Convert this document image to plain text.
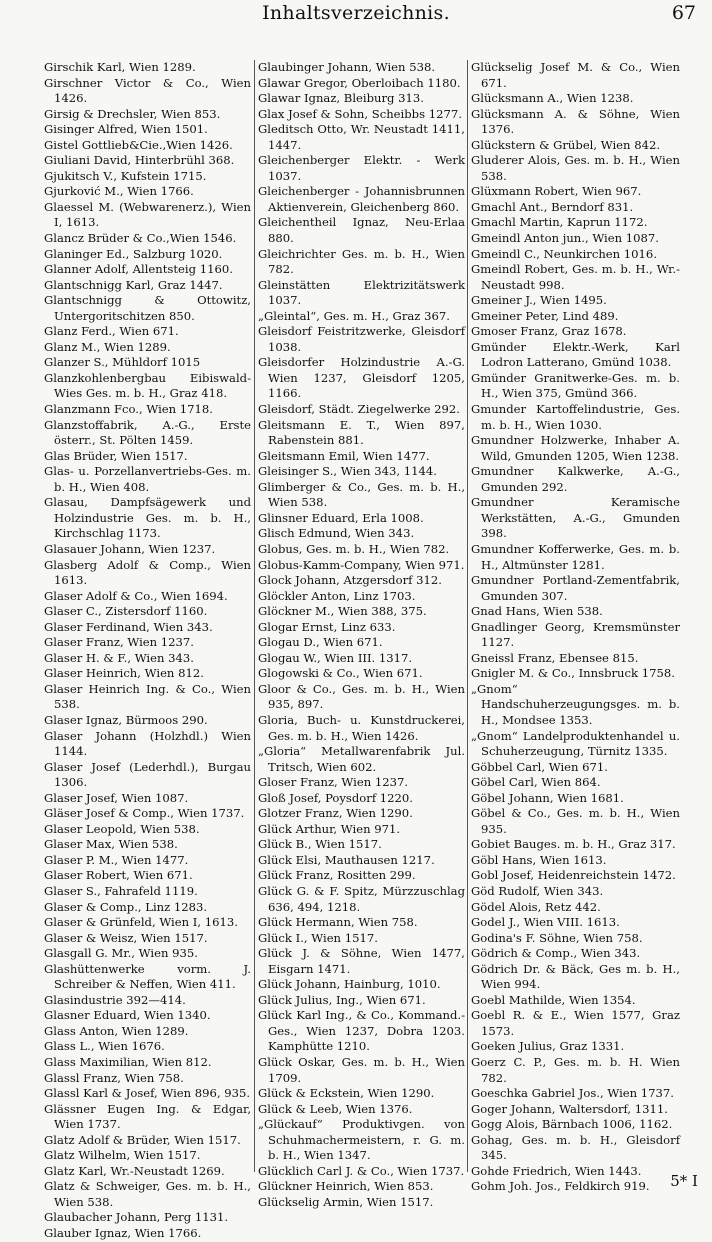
Inhaltsverzeichnis.	67
Girschik Karl, Wien 1289.
Girschner Victor & Co., Wien 1426.
Girsig & Drechsler, Wien 853.
Gisinger Alfred, Wien 1501.
Gistel Gottlieb&Cie.,Wien 1426.
Giuliani David, Hinterbrühl 368.
Gjukitsch V., Kufstein 1715.
Gjurković M., Wien 1766.
Glaessel M. (Webwarenerz.), Wien I, 1613.
Glancz Brüder & Co.,Wien 1546.
Glaninger Ed., Salzburg 1020.
Glanner Adolf, Allentsteig 1160.
Glantschnigg Karl, Graz 1447.
Glantschnigg & Ottowitz, Untergoritschitzen 850.
Glanz Ferd., Wien 671.
Glanz M., Wien 1289.
Glanzer S., Mühldorf 1015
Glanzkohlenbergbau Eibiswald-Wies Ges. m. b. H., Graz 418.
Glanzmann Fco., Wien 1718.
Glanzstoffabrik, A.-G., Erste österr., St. Pölten 1459.
Glas Brüder, Wien 1517.
Glas- u. Porzellanvertriebs-Ges. m. b. H., Wien 408.
Glasau, Dampfsägewerk und Holzindustrie Ges. m. b. H., Kirchschlag 1173.
Glasauer Johann, Wien 1237.
Glasberg Adolf & Comp., Wien 1613.
Glaser Adolf & Co., Wien 1694.
Glaser C., Zistersdorf 1160.
Glaser Ferdinand, Wien 343.
Glaser Franz, Wien 1237.
Glaser H. & F., Wien 343.
Glaser Heinrich, Wien 812.
Glaser Heinrich Ing. & Co., Wien 538.
Glaser Ignaz, Bürmoos 290.
Glaser Johann (Holzhdl.) Wien 1144.
Glaser Josef (Lederhdl.), Burgau 1306.
Glaser Josef, Wien 1087.
Gläser Josef & Comp., Wien 1737.
Glaser Leopold, Wien 538.
Glaser Max, Wien 538.
Glaser P. M., Wien 1477.
Glaser Robert, Wien 671.
Glaser S., Fahrafeld 1119.
Glaser & Comp., Linz 1283.
Glaser & Grünfeld, Wien I, 1613.
Glaser & Weisz, Wien 1517.
Glasgall G. Mr., Wien 935.
Glashüttenwerke vorm. J. Schreiber & Neffen, Wien 411.
Glasindustrie 392—414.
Glasner Eduard, Wien 1340.
Glass Anton, Wien 1289.
Glass L., Wien 1676.
Glass Maximilian, Wien 812.
Glassl Franz, Wien 758.
Glassl Karl & Josef, Wien 896, 935.
Glässner Eugen Ing. & Edgar, Wien 1737.
Glatz Adolf & Brüder, Wien 1517.
Glatz Wilhelm, Wien 1517.
Glatz Karl, Wr.-Neustadt 1269.
Glatz & Schweiger, Ges. m. b. H., Wien 538.
Glaubacher Johann, Perg 1131.
Glauber Ignaz, Wien 1766.
Glaubinger Johann, Wien 538.
Glawar Gregor, Oberloibach 1180.
Glawar Ignaz, Bleiburg 313.
Glax Josef & Sohn, Scheibbs 1277.
Gleditsch Otto, Wr. Neustadt 1411, 1447.
Gleichenberger Elektr. - Werk 1037.
Gleichenberger - Johannisbrunnen Aktienverein, Gleichenberg 860.
Gleichentheil Ignaz, Neu-Erlaa 880.
Gleichrichter Ges. m. b. H., Wien 782.
Gleinstätten Elektrizitätswerk 1037.
„Gleintal“, Ges. m. H., Graz 367.
Gleisdorf Feistritzwerke, Gleisdorf 1038.
Gleisdorfer Holzindustrie A.-G. Wien 1237, Gleisdorf 1205, 1166.
Gleisdorf, Städt. Ziegelwerke 292.
Gleitsmann E. T., Wien 897, Rabenstein 881.
Gleitsmann Emil, Wien 1477.
Gleisinger S., Wien 343, 1144.
Glimberger & Co., Ges. m. b. H., Wien 538.
Glinsner Eduard, Erla 1008.
Glisch Edmund, Wien 343.
Globus, Ges. m. b. H., Wien 782.
Globus-Kamm-Company, Wien 971.
Glock Johann, Atzgersdorf 312.
Glöckler Anton, Linz 1703.
Glöckner M., Wien 388, 375.
Glogar Ernst, Linz 633.
Glogau D., Wien 671.
Glogau W., Wien III. 1317.
Glogowski & Co., Wien 671.
Gloor & Co., Ges. m. b. H., Wien 935, 897.
Gloria, Buch- u. Kunstdruckerei, Ges. m. b. H., Wien 1426.
„Gloria“ Metallwarenfabrik Jul. Tritsch, Wien 602.
Gloser Franz, Wien 1237.
Gloß Josef, Poysdorf 1220.
Glotzer Franz, Wien 1290.
Glück Arthur, Wien 971.
Glück B., Wien 1517.
Glück Elsi, Mauthausen 1217.
Glück Franz, Rositten 299.
Glück G. & F. Spitz, Mürzzuschlag 636, 494, 1218.
Glück Hermann, Wien 758.
Glück I., Wien 1517.
Glück J. & Söhne, Wien 1477, Eisgarn 1471.
Glück Johann, Hainburg, 1010.
Glück Julius, Ing., Wien 671.
Glück Karl Ing., & Co., Kommand.-Ges., Wien 1237, Dobra 1203. Kamphütte 1210.
Glück Oskar, Ges. m. b. H., Wien 1709.
Glück & Eckstein, Wien 1290.
Glück & Leeb, Wien 1376.
„Glückauf“ Produktivgen. von Schuhmachermeistern, r. G. m. b. H., Wien 1347.
Glücklich Carl J. & Co., Wien 1737.
Glückner Heinrich, Wien 853.
Glückselig Armin, Wien 1517.
Glückselig Josef M. & Co., Wien 671.
Glücksmann A., Wien 1238.
Glücksmann A. & Söhne, Wien 1376.
Glückstern & Grübel, Wien 842.
Gluderer Alois, Ges. m. b. H., Wien 538.
Glüxmann Robert, Wien 967.
Gmachl Ant., Berndorf 831.
Gmachl Martin, Kaprun 1172.
Gmeindl Anton jun., Wien 1087.
Gmeindl C., Neunkirchen 1016.
Gmeindl Robert, Ges. m. b. H., Wr.-Neustadt 998.
Gmeiner J., Wien 1495.
Gmeiner Peter, Lind 489.
Gmoser Franz, Graz 1678.
Gmünder Elektr.-Werk, Karl Lodron Latterano, Gmünd 1038.
Gmünder Granitwerke-Ges. m. b. H., Wien 375, Gmünd 366.
Gmunder Kartoffelindustrie, Ges. m. b. H., Wien 1030.
Gmundner Holzwerke, Inhaber A. Wild, Gmunden 1205, Wien 1238.
Gmundner Kalkwerke, A.-G., Gmunden 292.
Gmundner Keramische Werkstätten, A.-G., Gmunden 398.
Gmundner Kofferwerke, Ges. m. b. H., Altmünster 1281.
Gmundner Portland-Zementfabrik, Gmunden 307.
Gnad Hans, Wien 538.
Gnadlinger Georg, Kremsmünster 1127.
Gneissl Franz, Ebensee 815.
Gnigler M. & Co., Innsbruck 1758.
„Gnom“ Handschuherzeugungsges. m. b. H., Mondsee 1353.
„Gnom“ Landelproduktenhandel u. Schuherzeugung, Türnitz 1335.
Göbbel Carl, Wien 671.
Göbel Carl, Wien 864.
Göbel Johann, Wien 1681.
Göbel & Co., Ges. m. b. H., Wien 935.
Gobiet Bauges. m. b. H., Graz 317.
Göbl Hans, Wien 1613.
Gobl Josef, Heidenreichstein 1472.
Göd Rudolf, Wien 343.
Gödel Alois, Retz 442.
Godel J., Wien VIII. 1613.
Godina's F. Söhne, Wien 758.
Gödrich & Comp., Wien 343.
Gödrich Dr. & Bäck, Ges m. b. H., Wien 994.
Goebl Mathilde, Wien 1354.
Goebl R. & E., Wien 1577, Graz 1573.
Goeken Julius, Graz 1331.
Goerz C. P., Ges. m. b. H. Wien 782.
Goeschka Gabriel Jos., Wien 1737.
Goger Johann, Waltersdorf, 1311.
Gogg Alois, Bärnbach 1006, 1162.
Gohag, Ges. m. b. H., Gleisdorf 345.
Gohde Friedrich, Wien 1443.
Gohm Joh. Jos., Feldkirch 919.	5* I
